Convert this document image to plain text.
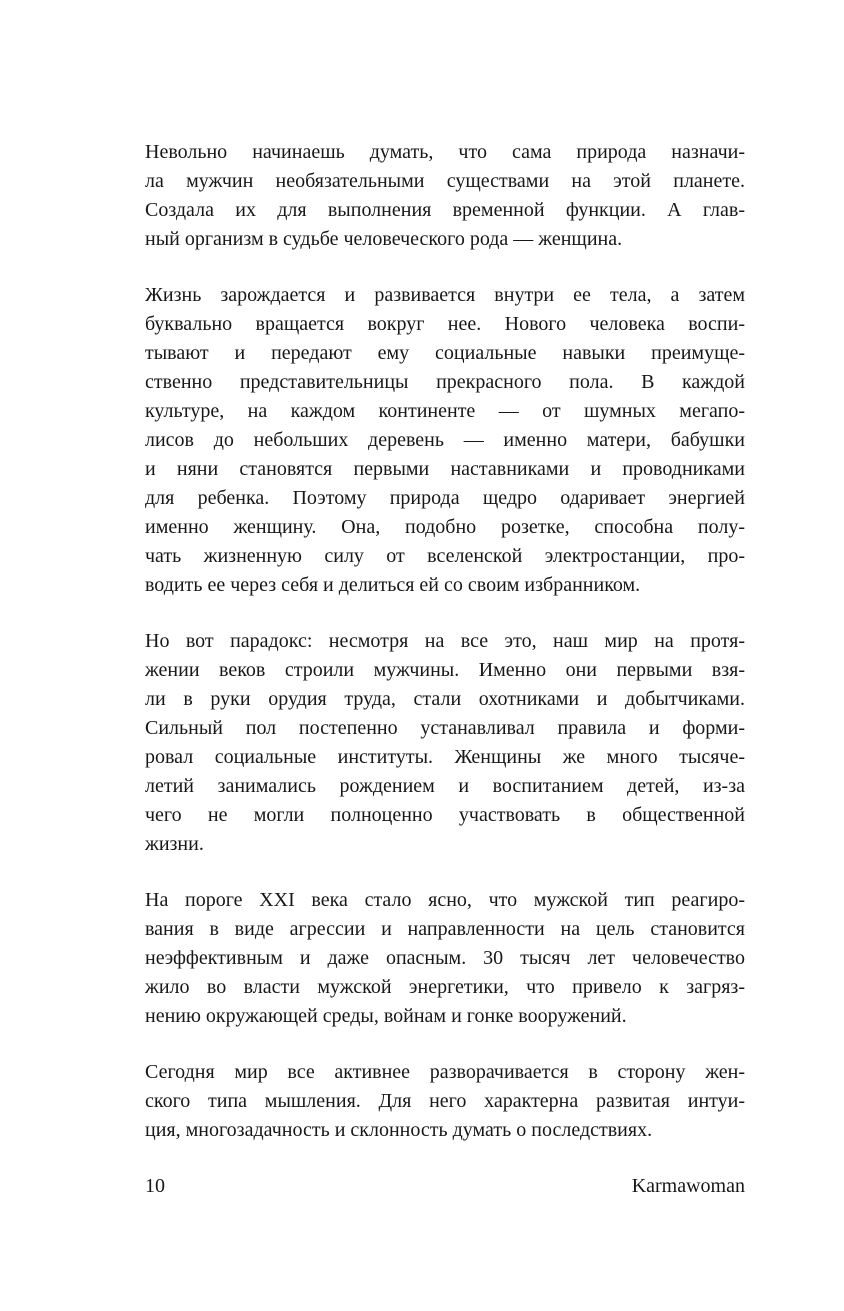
Невольно начинаешь думать, что сама природа назначи-
ла мужчин необязательными существами на этой планете.
Создала их для выполнения временной функции. А глав-
ный организм в судьбе человеческого рода — женщина.
Жизнь зарождается и развивается внутри ее тела, а затем
буквально вращается вокруг нее. Нового человека воспи-
тывают и передают ему социальные навыки преимуще-
ственно представительницы прекрасного пола. В каждой
культуре, на каждом континенте — от шумных мегапо-
лисов до небольших деревень — именно матери, бабушки
и няни становятся первыми наставниками и проводниками
для ребенка. Поэтому природа щедро одаривает энергией
именно женщину. Она, подобно розетке, способна полу-
чать жизненную силу от вселенской электростанции, про-
водить ее через себя и делиться ей со своим избранником.
Но вот парадокс: несмотря на все это, наш мир на протя-
жении веков строили мужчины. Именно они первыми взя-
ли в руки орудия труда, стали охотниками и добытчиками.
Сильный пол постепенно устанавливал правила и форми-
ровал социальные институты. Женщины же много тысяче-
летий занимались рождением и воспитанием детей, из-за
чего не могли полноценно участвовать в общественной
жизни.
На пороге XXI века стало ясно, что мужской тип реагиро-
вания в виде агрессии и направленности на цель становится
неэффективным и даже опасным. 30 тысяч лет человечество
жило во власти мужской энергетики, что привело к загряз-
нению окружающей среды, войнам и гонке вооружений.
Сегодня мир все активнее разворачивается в сторону жен-
ского типа мышления. Для него характерна развитая интуи-
ция, многозадачность и склонность думать о последствиях.
10	Karmawoman
